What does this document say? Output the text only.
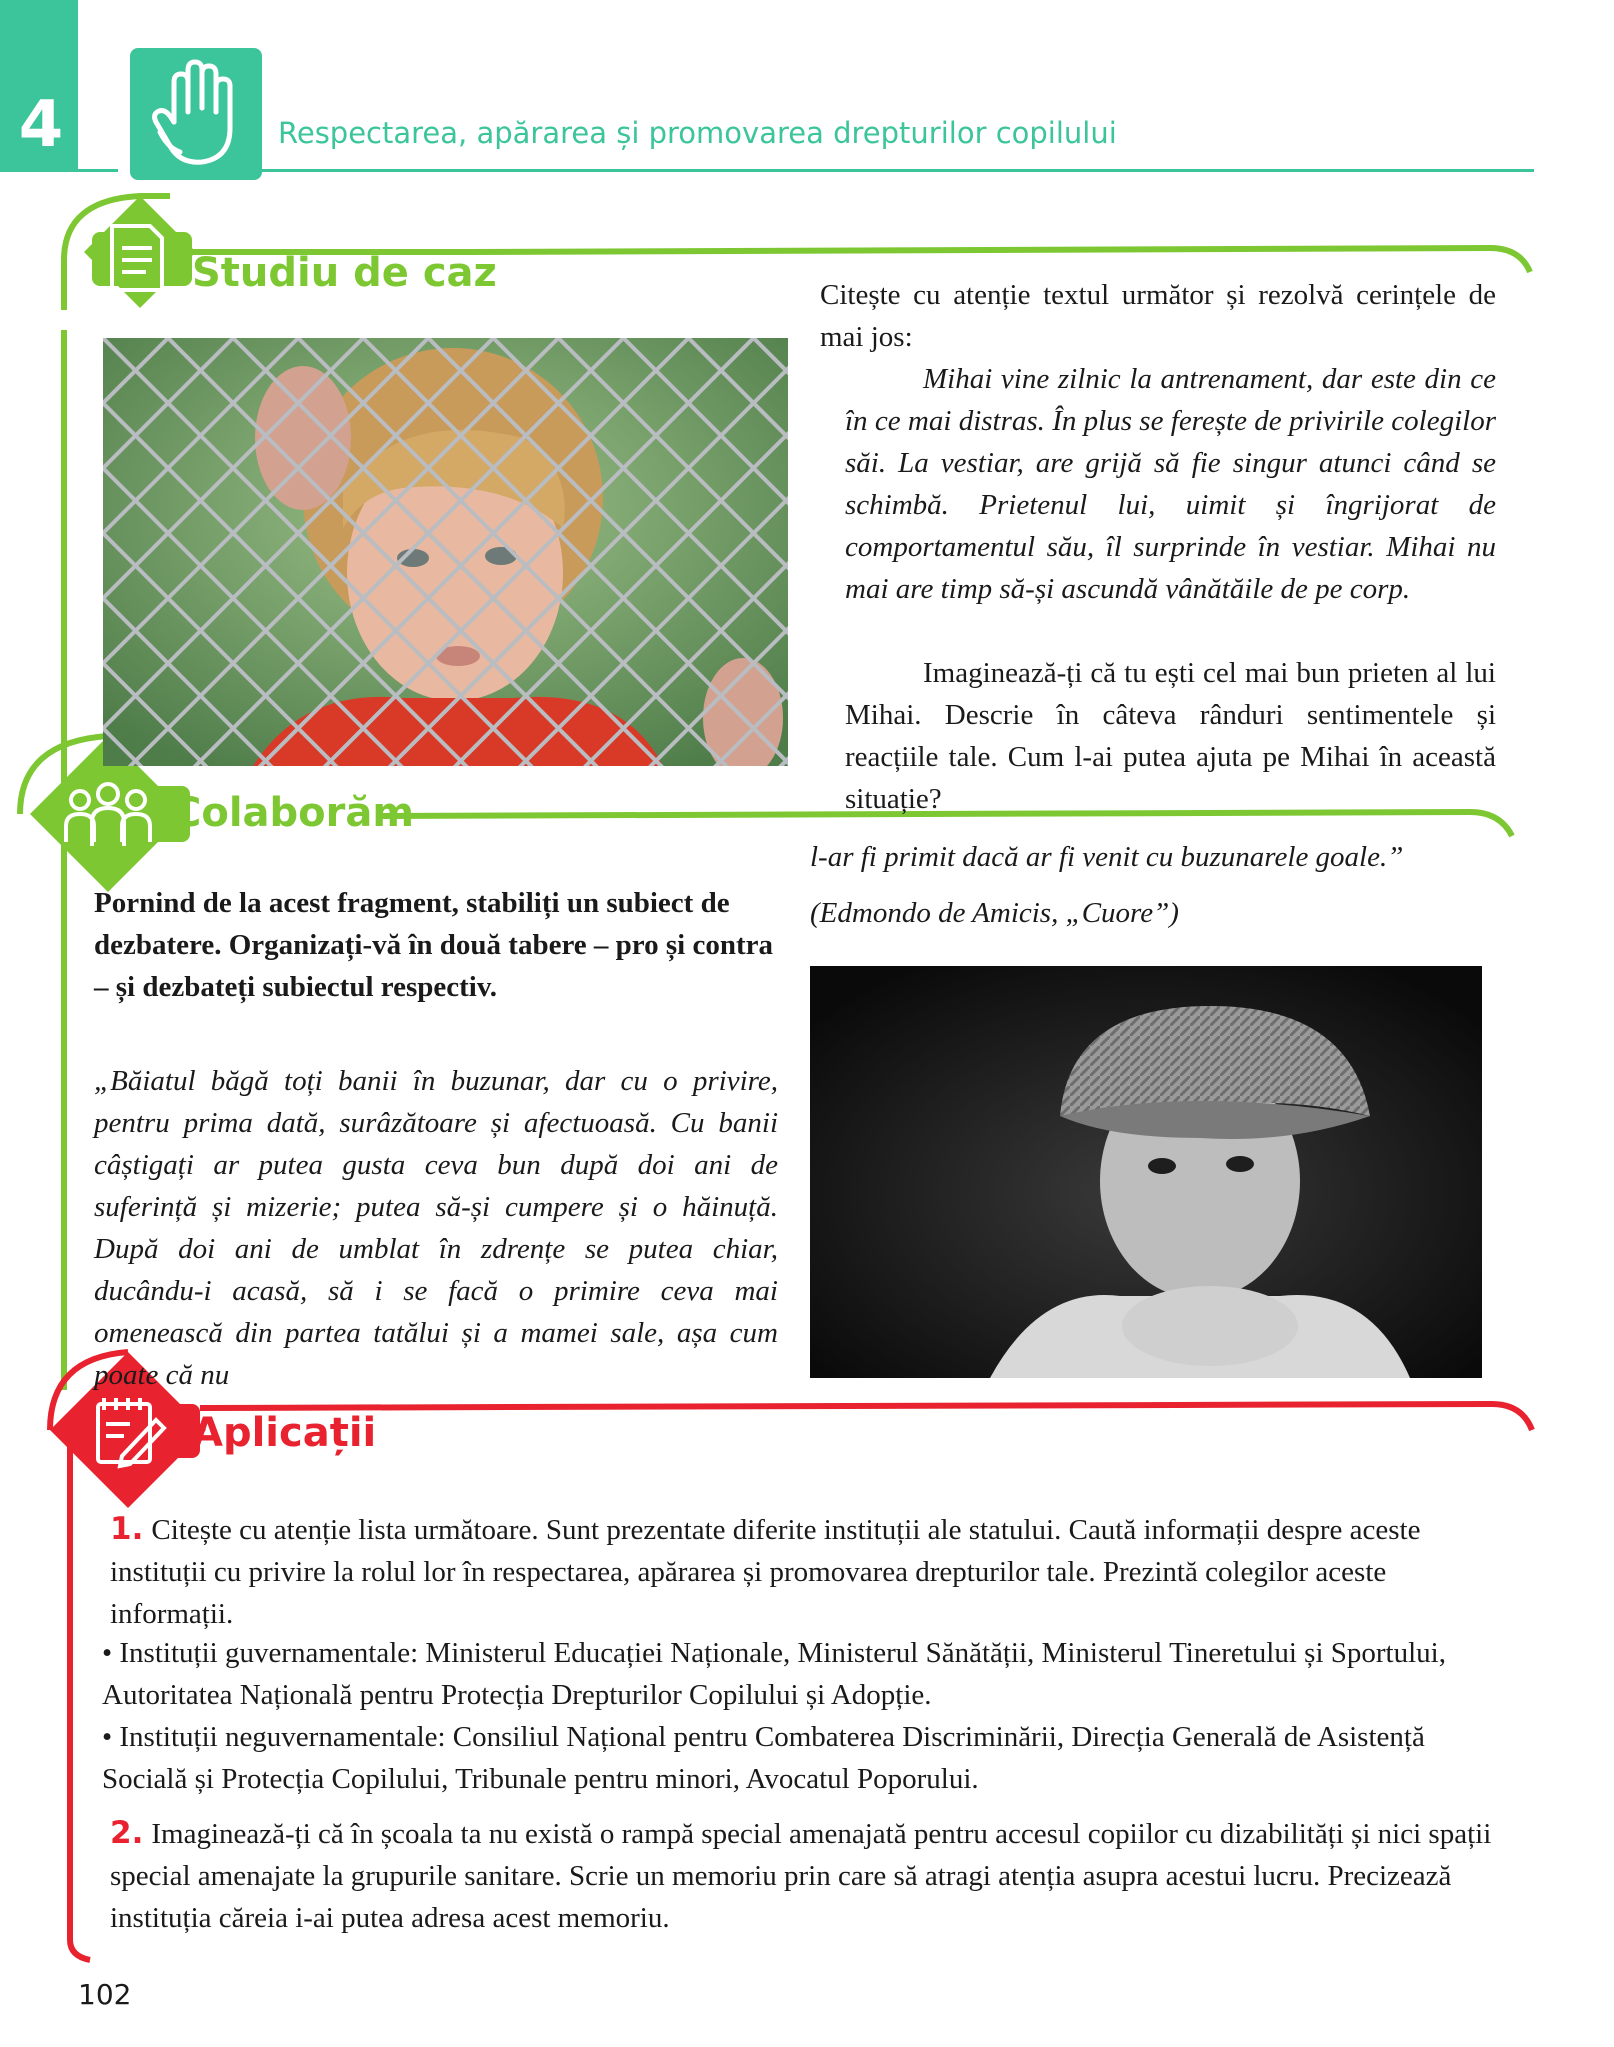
4	Respectarea, apărarea și promovarea drepturilor copilului
Studiu de caz	Citește cu atenție textul următor și rezolvă cerințele de mai jos:
Mihai vine zilnic la antrenament, dar este din ce în ce mai distras. În plus se ferește de privirile colegilor săi. La vestiar, are grijă să fie singur atunci când se schimbă. Prietenul lui, uimit și îngrijorat de comportamentul său, îl surprinde în vestiar. Mihai nu mai are timp să-și ascundă vânătăile de pe corp.
Imaginează-ți că tu ești cel mai bun prieten al lui Mihai. Descrie în câteva rânduri sentimentele și reacțiile tale. Cum l-ai putea ajuta pe Mihai în această situație?
Colaborăm
Pornind de la acest fragment, stabiliți un subiect de dezbatere. Organizați-vă în două tabere – pro și contra – și dezbateți subiectul respectiv.
„Băiatul băgă toți banii în buzunar, dar cu o privire, pentru prima dată, surâzătoare și afectuoasă. Cu banii câștigați ar putea gusta ceva bun după doi ani de suferință și mizerie; putea să-și cumpere și o hăinuță. După doi ani de umblat în zdrențe se putea chiar, ducându-i acasă, să i se facă o primire ceva mai omenească din partea tatălui și a mamei sale, așa cum poate că nu
l-ar fi primit dacă ar fi venit cu buzunarele goale.”
(Edmondo de Amicis, „Cuore”)
Aplicații
1. Citește cu atenție lista următoare. Sunt prezentate diferite instituții ale statului. Caută informații despre aceste instituții cu privire la rolul lor în respectarea, apărarea și promovarea drepturilor tale. Prezintă colegilor aceste informații.
• Instituții guvernamentale: Ministerul Educației Naționale, Ministerul Sănătății, Ministerul Tineretului și Sportului, Autoritatea Națională pentru Protecția Drepturilor Copilului și Adopție.
• Instituții neguvernamentale: Consiliul Național pentru Combaterea Discriminării, Direcția Generală de Asistență Socială și Protecția Copilului, Tribunale pentru minori, Avocatul Poporului.
2. Imaginează-ți că în școala ta nu există o rampă special amenajată pentru accesul copiilor cu dizabilități și nici spații special amenajate la grupurile sanitare. Scrie un memoriu prin care să atragi atenția asupra acestui lucru. Precizează instituția căreia i-ai putea adresa acest memoriu.
102
